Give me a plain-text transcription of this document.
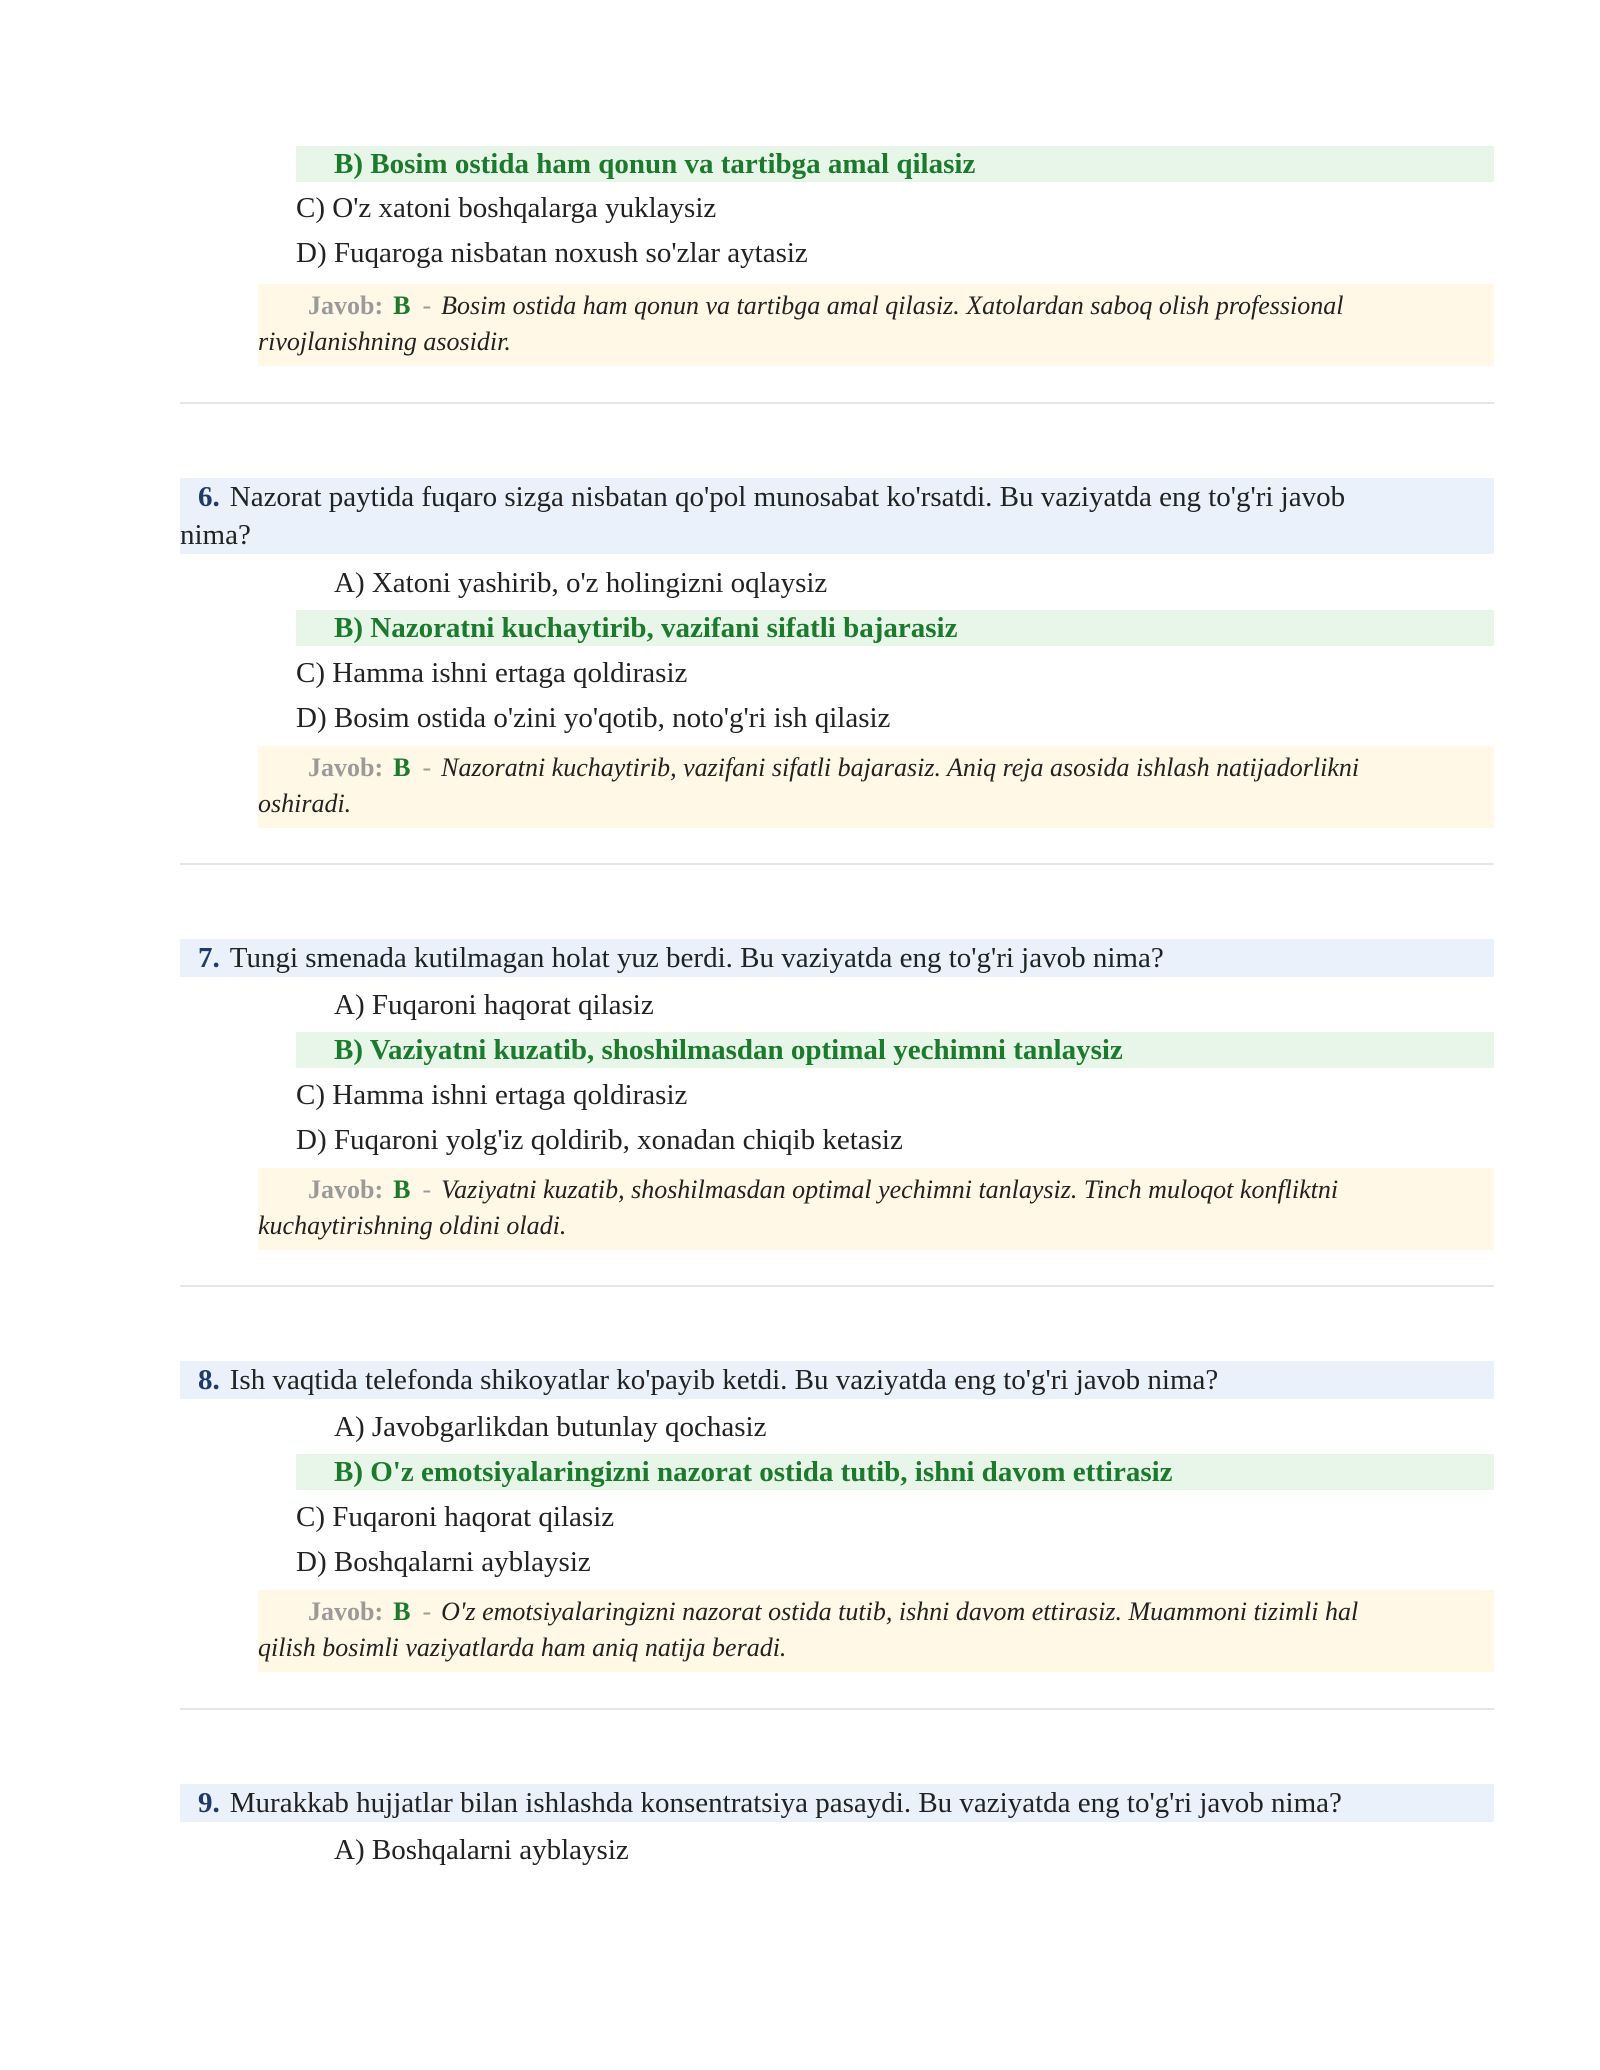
B) Bosim ostida ham qonun va tartibga amal qilasiz
C) O'z xatoni boshqalarga yuklaysiz
D) Fuqaroga nisbatan noxush so'zlar aytasiz
Javob: B - Bosim ostida ham qonun va tartibga amal qilasiz. Xatolardan saboq olish professional
rivojlanishning asosidir.
6. Nazorat paytida fuqaro sizga nisbatan qo'pol munosabat ko'rsatdi. Bu vaziyatda eng to'g'ri javob
nima?
A) Xatoni yashirib, o'z holingizni oqlaysiz
B) Nazoratni kuchaytirib, vazifani sifatli bajarasiz
C) Hamma ishni ertaga qoldirasiz
D) Bosim ostida o'zini yo'qotib, noto'g'ri ish qilasiz
Javob: B - Nazoratni kuchaytirib, vazifani sifatli bajarasiz. Aniq reja asosida ishlash natijadorlikni
oshiradi.
7. Tungi smenada kutilmagan holat yuz berdi. Bu vaziyatda eng to'g'ri javob nima?
A) Fuqaroni haqorat qilasiz
B) Vaziyatni kuzatib, shoshilmasdan optimal yechimni tanlaysiz
C) Hamma ishni ertaga qoldirasiz
D) Fuqaroni yolg'iz qoldirib, xonadan chiqib ketasiz
Javob: B - Vaziyatni kuzatib, shoshilmasdan optimal yechimni tanlaysiz. Tinch muloqot konfliktni
kuchaytirishning oldini oladi.
8. Ish vaqtida telefonda shikoyatlar ko'payib ketdi. Bu vaziyatda eng to'g'ri javob nima?
A) Javobgarlikdan butunlay qochasiz
B) O'z emotsiyalaringizni nazorat ostida tutib, ishni davom ettirasiz
C) Fuqaroni haqorat qilasiz
D) Boshqalarni ayblaysiz
Javob: B - O'z emotsiyalaringizni nazorat ostida tutib, ishni davom ettirasiz. Muammoni tizimli hal
qilish bosimli vaziyatlarda ham aniq natija beradi.
9. Murakkab hujjatlar bilan ishlashda konsentratsiya pasaydi. Bu vaziyatda eng to'g'ri javob nima?
A) Boshqalarni ayblaysiz
